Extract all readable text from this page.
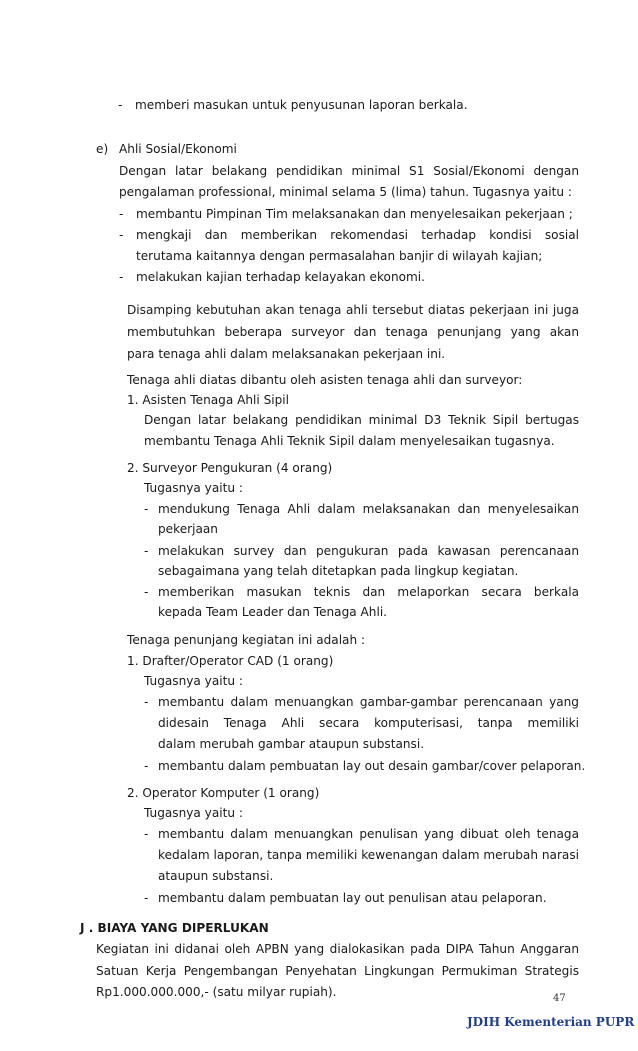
- memberi masukan untuk penyusunan laporan berkala.
e) Ahli Sosial/Ekonomi
Dengan latar belakang pendidikan minimal S1 Sosial/Ekonomi dengan
pengalaman professional, minimal selama 5 (lima) tahun. Tugasnya yaitu :
- membantu Pimpinan Tim melaksanakan dan menyelesaikan pekerjaan ;
- mengkaji dan memberikan rekomendasi terhadap kondisi sosial
terutama kaitannya dengan permasalahan banjir di wilayah kajian;
- melakukan kajian terhadap kelayakan ekonomi.
Disamping kebutuhan akan tenaga ahli tersebut diatas pekerjaan ini juga
membutuhkan beberapa surveyor dan tenaga penunjang yang akan
para tenaga ahli dalam melaksanakan pekerjaan ini.
Tenaga ahli diatas dibantu oleh asisten tenaga ahli dan surveyor:
1. Asisten Tenaga Ahli Sipil
Dengan latar belakang pendidikan minimal D3 Teknik Sipil bertugas
membantu Tenaga Ahli Teknik Sipil dalam menyelesaikan tugasnya.
2. Surveyor Pengukuran (4 orang)
Tugasnya yaitu :
- mendukung Tenaga Ahli dalam melaksanakan dan menyelesaikan
pekerjaan
- melakukan survey dan pengukuran pada kawasan perencanaan
sebagaimana yang telah ditetapkan pada lingkup kegiatan.
- memberikan masukan teknis dan melaporkan secara berkala
kepada Team Leader dan Tenaga Ahli.
Tenaga penunjang kegiatan ini adalah :
1. Drafter/Operator CAD (1 orang)
Tugasnya yaitu :
- membantu dalam menuangkan gambar-gambar perencanaan yang
didesain Tenaga Ahli secara komputerisasi, tanpa memiliki
dalam merubah gambar ataupun substansi.
- membantu dalam pembuatan lay out desain gambar/cover pelaporan.
2. Operator Komputer (1 orang)
Tugasnya yaitu :
- membantu dalam menuangkan penulisan yang dibuat oleh tenaga
kedalam laporan, tanpa memiliki kewenangan dalam merubah narasi
ataupun substansi.
- membantu dalam pembuatan lay out penulisan atau pelaporan.
J . BIAYA YANG DIPERLUKAN
Kegiatan ini didanai oleh APBN yang dialokasikan pada DIPA Tahun Anggaran
Satuan Kerja Pengembangan Penyehatan Lingkungan Permukiman Strategis
Rp1.000.000.000,- (satu milyar rupiah).	47
JDIH Kementerian PUPR
